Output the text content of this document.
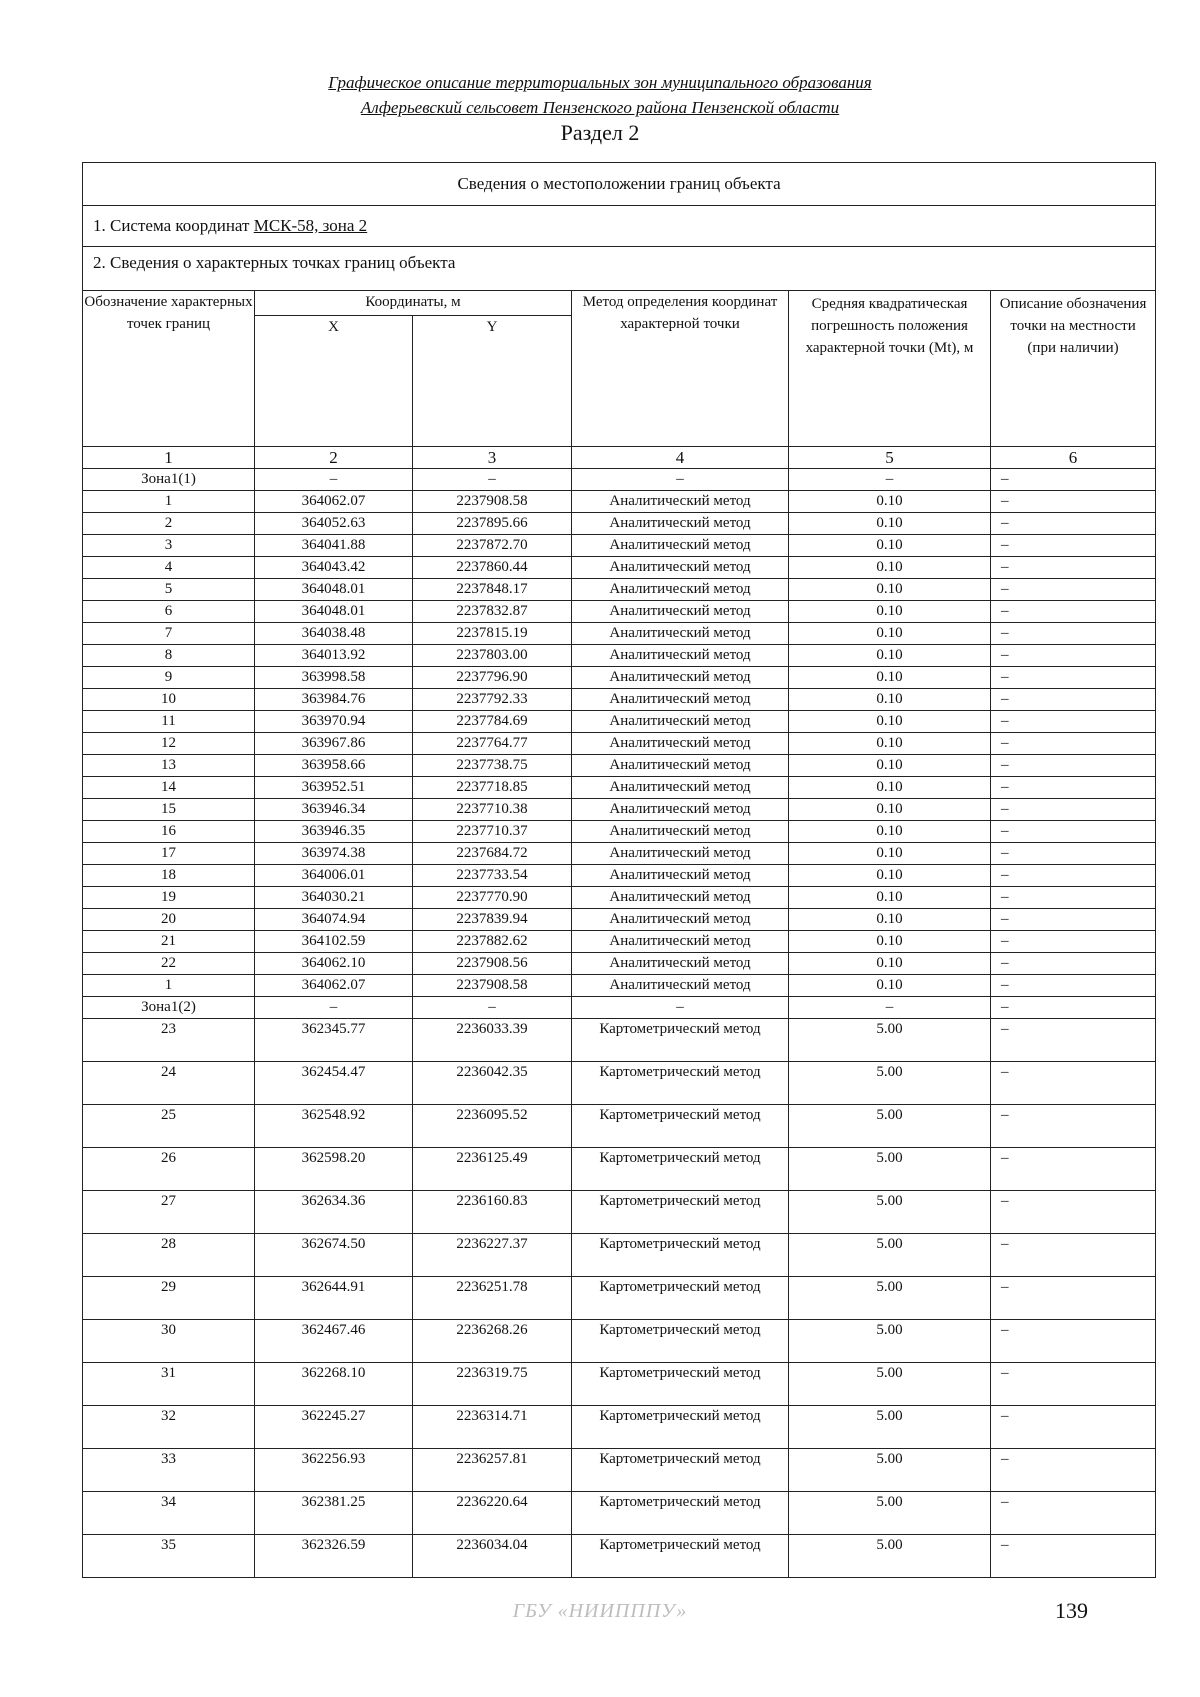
Графическое описание территориальных зон муниципального образования
Алферьевский сельсовет Пензенского района Пензенской области
Раздел 2
Сведения о местоположении границ объекта					
1. Система координат МСК-58, зона 2					
2. Сведения о характерных точках границ объекта					
Обозначение характерных точек границ	Координаты, м		Метод определения координат характерной точки	Средняя квадратическая погрешность положения характерной точки (Mt), м	Описание обозначения точки на местности (при наличии)
	X	Y			
1	2	3	4	5	6
Зона1(1)	–	–	–	–	–
1	364062.07	2237908.58	Аналитический метод	0.10	–
2	364052.63	2237895.66	Аналитический метод	0.10	–
3	364041.88	2237872.70	Аналитический метод	0.10	–
4	364043.42	2237860.44	Аналитический метод	0.10	–
5	364048.01	2237848.17	Аналитический метод	0.10	–
6	364048.01	2237832.87	Аналитический метод	0.10	–
7	364038.48	2237815.19	Аналитический метод	0.10	–
8	364013.92	2237803.00	Аналитический метод	0.10	–
9	363998.58	2237796.90	Аналитический метод	0.10	–
10	363984.76	2237792.33	Аналитический метод	0.10	–
11	363970.94	2237784.69	Аналитический метод	0.10	–
12	363967.86	2237764.77	Аналитический метод	0.10	–
13	363958.66	2237738.75	Аналитический метод	0.10	–
14	363952.51	2237718.85	Аналитический метод	0.10	–
15	363946.34	2237710.38	Аналитический метод	0.10	–
16	363946.35	2237710.37	Аналитический метод	0.10	–
17	363974.38	2237684.72	Аналитический метод	0.10	–
18	364006.01	2237733.54	Аналитический метод	0.10	–
19	364030.21	2237770.90	Аналитический метод	0.10	–
20	364074.94	2237839.94	Аналитический метод	0.10	–
21	364102.59	2237882.62	Аналитический метод	0.10	–
22	364062.10	2237908.56	Аналитический метод	0.10	–
1	364062.07	2237908.58	Аналитический метод	0.10	–
Зона1(2)	–	–	–	–	–
23	362345.77	2236033.39	Картометрический метод	5.00	–
24	362454.47	2236042.35	Картометрический метод	5.00	–
25	362548.92	2236095.52	Картометрический метод	5.00	–
26	362598.20	2236125.49	Картометрический метод	5.00	–
27	362634.36	2236160.83	Картометрический метод	5.00	–
28	362674.50	2236227.37	Картометрический метод	5.00	–
29	362644.91	2236251.78	Картометрический метод	5.00	–
30	362467.46	2236268.26	Картометрический метод	5.00	–
31	362268.10	2236319.75	Картометрический метод	5.00	–
32	362245.27	2236314.71	Картометрический метод	5.00	–
33	362256.93	2236257.81	Картометрический метод	5.00	–
34	362381.25	2236220.64	Картометрический метод	5.00	–
35	362326.59	2236034.04	Картометрический метод	5.00	–
ГБУ «НИИПППУ»	139
